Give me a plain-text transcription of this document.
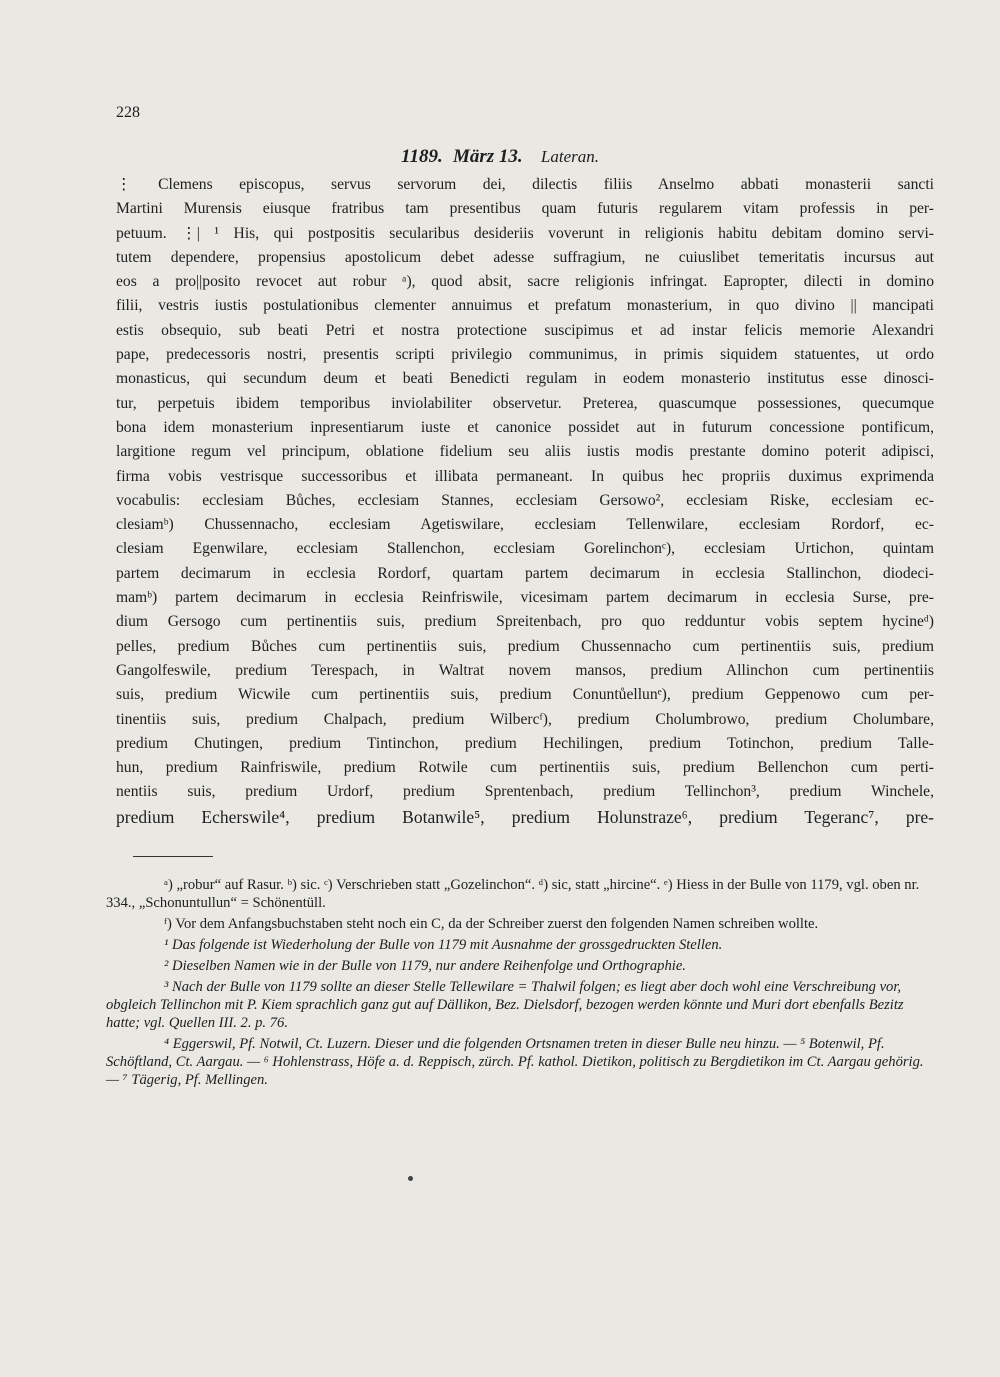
228
1189. März 13. Lateran.
⋮ Clemens episcopus, servus servorum dei, dilectis filiis Anselmo abbati monasterii sancti
Martini Murensis eiusque fratribus tam presentibus quam futuris regularem vitam professis in per-
petuum. ⋮| ¹ His, qui postpositis secularibus desideriis voverunt in religionis habitu debitam domino servi-
tutem dependere, propensius apostolicum debet adesse suffragium, ne cuiuslibet temeritatis incursus aut
eos a pro||posito revocet aut robur ᵃ), quod absit, sacre religionis infringat. Eapropter, dilecti in domino
filii, vestris iustis postulationibus clementer annuimus et prefatum monasterium, in quo divino || mancipati
estis obsequio, sub beati Petri et nostra protectione suscipimus et ad instar felicis memorie Alexandri
pape, predecessoris nostri, presentis scripti privilegio communimus, in primis siquidem statuentes, ut ordo
monasticus, qui secundum deum et beati Benedicti regulam in eodem monasterio institutus esse dinosci-
tur, perpetuis ibidem temporibus inviolabiliter observetur. Preterea, quascumque possessiones, quecumque
bona idem monasterium inpresentiarum iuste et canonice possidet aut in futurum concessione pontificum,
largitione regum vel principum, oblatione fidelium seu aliis iustis modis prestante domino poterit adipisci,
firma vobis vestrisque successoribus et illibata permaneant. In quibus hec propriis duximus exprimenda
vocabulis: ecclesiam Bůches, ecclesiam Stannes, ecclesiam Gersowo², ecclesiam Riske, ecclesiam ec-
clesiamᵇ) Chussennacho, ecclesiam Agetiswilare, ecclesiam Tellenwilare, ecclesiam Rordorf, ec-
clesiam Egenwilare, ecclesiam Stallenchon, ecclesiam Gorelinchonᶜ), ecclesiam Urtichon, quintam
partem decimarum in ecclesia Rordorf, quartam partem decimarum in ecclesia Stallinchon, diodeci-
mamᵇ) partem decimarum in ecclesia Reinfriswile, vicesimam partem decimarum in ecclesia Surse, pre-
dium Gersogo cum pertinentiis suis, predium Spreitenbach, pro quo redduntur vobis septem hycineᵈ)
pelles, predium Bůches cum pertinentiis suis, predium Chussennacho cum pertinentiis suis, predium
Gangolfeswile, predium Terespach, in Waltrat novem mansos, predium Allinchon cum pertinentiis
suis, predium Wicwile cum pertinentiis suis, predium Conuntůellunᵉ), predium Geppenowo cum per-
tinentiis suis, predium Chalpach, predium Wilbercᶠ), predium Cholumbrowo, predium Cholumbare,
predium Chutingen, predium Tintinchon, predium Hechilingen, predium Totinchon, predium Talle-
hun, predium Rainfriswile, predium Rotwile cum pertinentiis suis, predium Bellenchon cum perti-
nentiis suis, predium Urdorf, predium Sprentenbach, predium Tellinchon³, predium Winchele,
predium Echerswile⁴, predium Botanwile⁵, predium Holunstraze⁶, predium Tegeranc⁷, pre-
ᵃ) „robur“ auf Rasur. ᵇ) sic. ᶜ) Verschrieben statt „Gozelinchon“. ᵈ) sic, statt „hircine“. ᵉ) Hiess in der Bulle von 1179, vgl. oben nr. 334., „Schonuntullun“ = Schönentüll.
ᶠ) Vor dem Anfangsbuchstaben steht noch ein C, da der Schreiber zuerst den folgenden Namen schreiben wollte.
¹ Das folgende ist Wiederholung der Bulle von 1179 mit Ausnahme der grossgedruckten Stellen.
² Dieselben Namen wie in der Bulle von 1179, nur andere Reihenfolge und Orthographie.
³ Nach der Bulle von 1179 sollte an dieser Stelle Tellewilare = Thalwil folgen; es liegt aber doch wohl eine Verschreibung vor, obgleich Tellinchon mit P. Kiem sprachlich ganz gut auf Dällikon, Bez. Dielsdorf, bezogen werden könnte und Muri dort ebenfalls Bezitz hatte; vgl. Quellen III. 2. p. 76.
⁴ Eggerswil, Pf. Notwil, Ct. Luzern. Dieser und die folgenden Ortsnamen treten in dieser Bulle neu hinzu. — ⁵ Botenwil, Pf. Schöftland, Ct. Aargau. — ⁶ Hohlenstrass, Höfe a. d. Reppisch, zürch. Pf. kathol. Dietikon, politisch zu Bergdietikon im Ct. Aargau gehörig. — ⁷ Tägerig, Pf. Mellingen.
